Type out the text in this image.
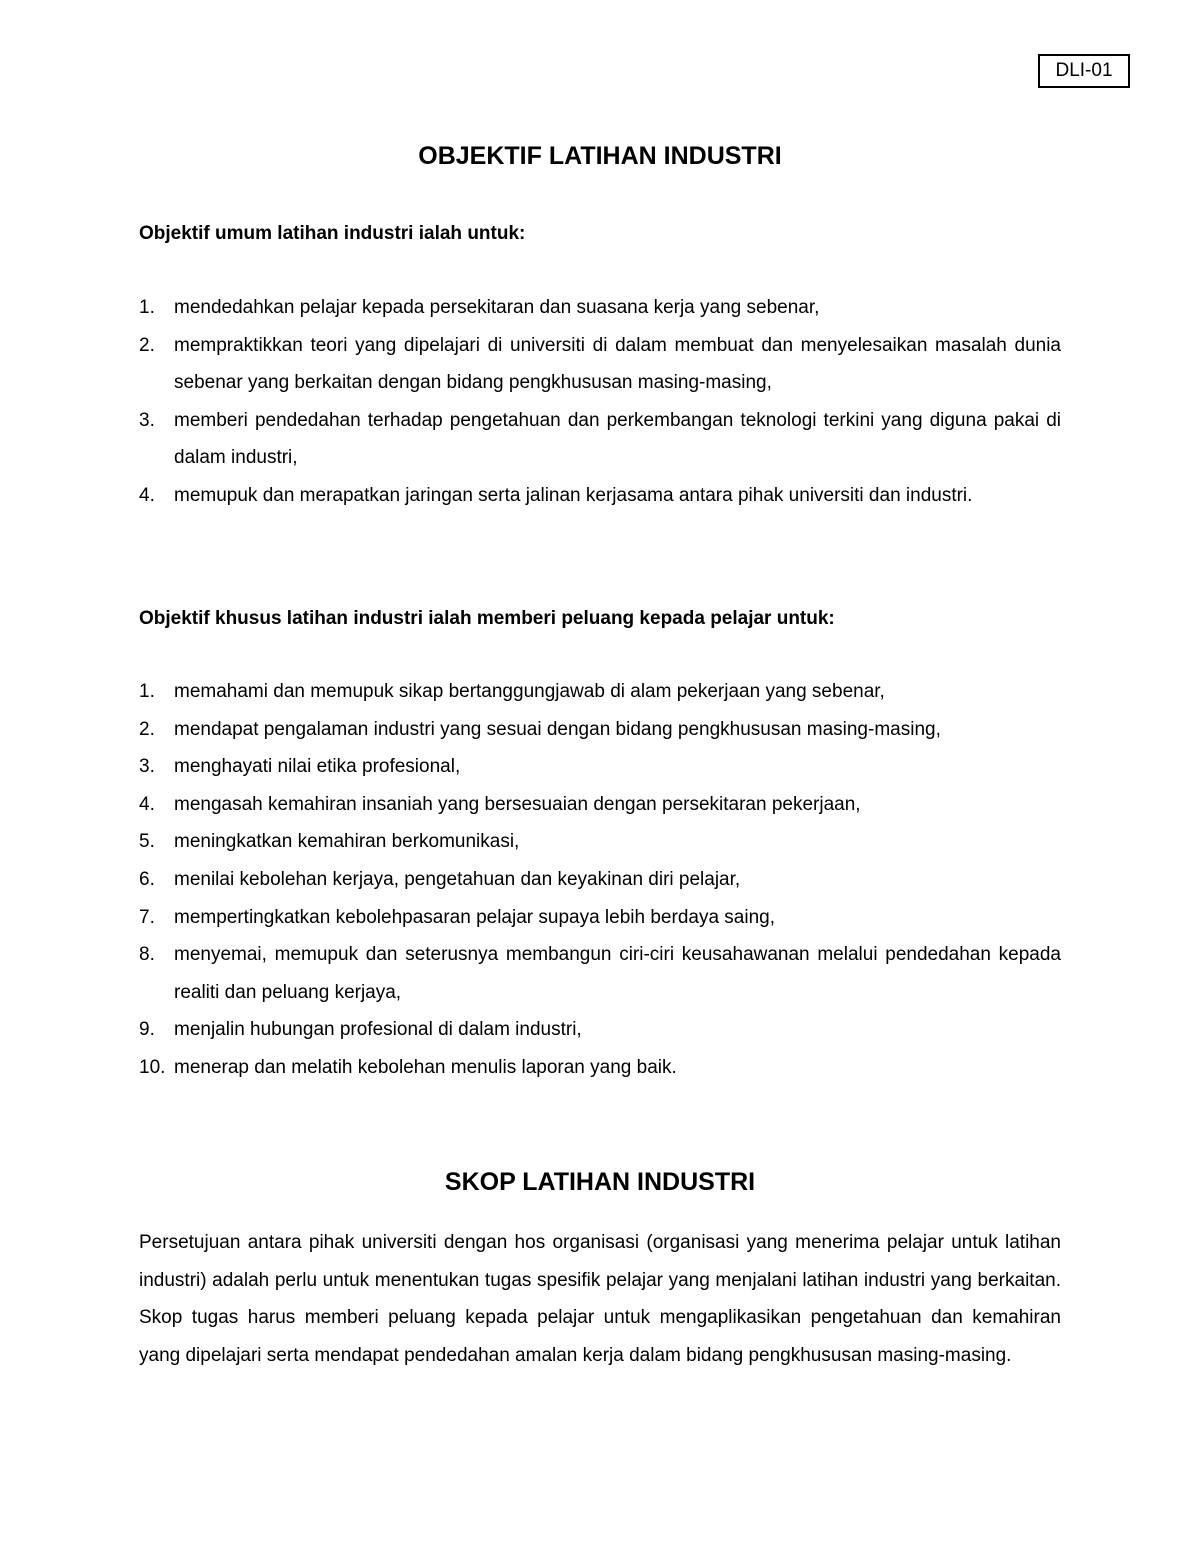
DLI-01
OBJEKTIF LATIHAN INDUSTRI
Objektif umum latihan industri ialah untuk:
1. mendedahkan pelajar kepada persekitaran dan suasana kerja yang sebenar,
2. mempraktikkan teori yang dipelajari di universiti di dalam membuat dan menyelesaikan masalah dunia sebenar yang berkaitan dengan bidang pengkhususan masing-masing,
3. memberi pendedahan terhadap pengetahuan dan perkembangan teknologi terkini yang diguna pakai di dalam industri,
4. memupuk dan merapatkan jaringan serta jalinan kerjasama antara pihak universiti dan industri.
Objektif khusus latihan industri ialah memberi peluang kepada pelajar untuk:
1. memahami dan memupuk sikap bertanggungjawab di alam pekerjaan yang sebenar,
2. mendapat pengalaman industri yang sesuai dengan bidang pengkhususan masing-masing,
3. menghayati nilai etika profesional,
4. mengasah kemahiran insaniah yang bersesuaian dengan persekitaran pekerjaan,
5. meningkatkan kemahiran berkomunikasi,
6. menilai kebolehan kerjaya, pengetahuan dan keyakinan diri pelajar,
7. mempertingkatkan kebolehpasaran pelajar supaya lebih berdaya saing,
8. menyemai, memupuk dan seterusnya membangun ciri-ciri keusahawanan melalui pendedahan kepada realiti dan peluang kerjaya,
9. menjalin hubungan profesional di dalam industri,
10. menerap dan melatih kebolehan menulis laporan yang baik.
SKOP LATIHAN INDUSTRI

Persetujuan antara pihak universiti dengan hos organisasi (organisasi yang menerima pelajar untuk latihan industri) adalah perlu untuk menentukan tugas spesifik pelajar yang menjalani latihan industri yang berkaitan. Skop tugas harus memberi peluang kepada pelajar untuk mengaplikasikan pengetahuan dan kemahiran yang dipelajari serta mendapat pendedahan amalan kerja dalam bidang pengkhususan masing-masing.
